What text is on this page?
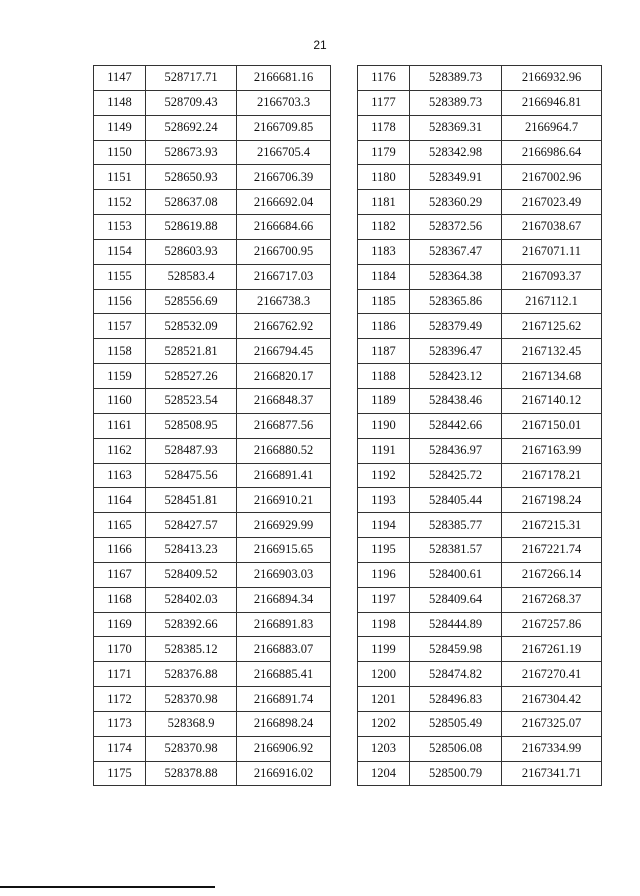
21
1147	528717.71	2166681.16
1148	528709.43	2166703.3
1149	528692.24	2166709.85
1150	528673.93	2166705.4
1151	528650.93	2166706.39
1152	528637.08	2166692.04
1153	528619.88	2166684.66
1154	528603.93	2166700.95
1155	528583.4	2166717.03
1156	528556.69	2166738.3
1157	528532.09	2166762.92
1158	528521.81	2166794.45
1159	528527.26	2166820.17
1160	528523.54	2166848.37
1161	528508.95	2166877.56
1162	528487.93	2166880.52
1163	528475.56	2166891.41
1164	528451.81	2166910.21
1165	528427.57	2166929.99
1166	528413.23	2166915.65
1167	528409.52	2166903.03
1168	528402.03	2166894.34
1169	528392.66	2166891.83
1170	528385.12	2166883.07
1171	528376.88	2166885.41
1172	528370.98	2166891.74
1173	528368.9	2166898.24
1174	528370.98	2166906.92
1175	528378.88	2166916.02
1176	528389.73	2166932.96
1177	528389.73	2166946.81
1178	528369.31	2166964.7
1179	528342.98	2166986.64
1180	528349.91	2167002.96
1181	528360.29	2167023.49
1182	528372.56	2167038.67
1183	528367.47	2167071.11
1184	528364.38	2167093.37
1185	528365.86	2167112.1
1186	528379.49	2167125.62
1187	528396.47	2167132.45
1188	528423.12	2167134.68
1189	528438.46	2167140.12
1190	528442.66	2167150.01
1191	528436.97	2167163.99
1192	528425.72	2167178.21
1193	528405.44	2167198.24
1194	528385.77	2167215.31
1195	528381.57	2167221.74
1196	528400.61	2167266.14
1197	528409.64	2167268.37
1198	528444.89	2167257.86
1199	528459.98	2167261.19
1200	528474.82	2167270.41
1201	528496.83	2167304.42
1202	528505.49	2167325.07
1203	528506.08	2167334.99
1204	528500.79	2167341.71
